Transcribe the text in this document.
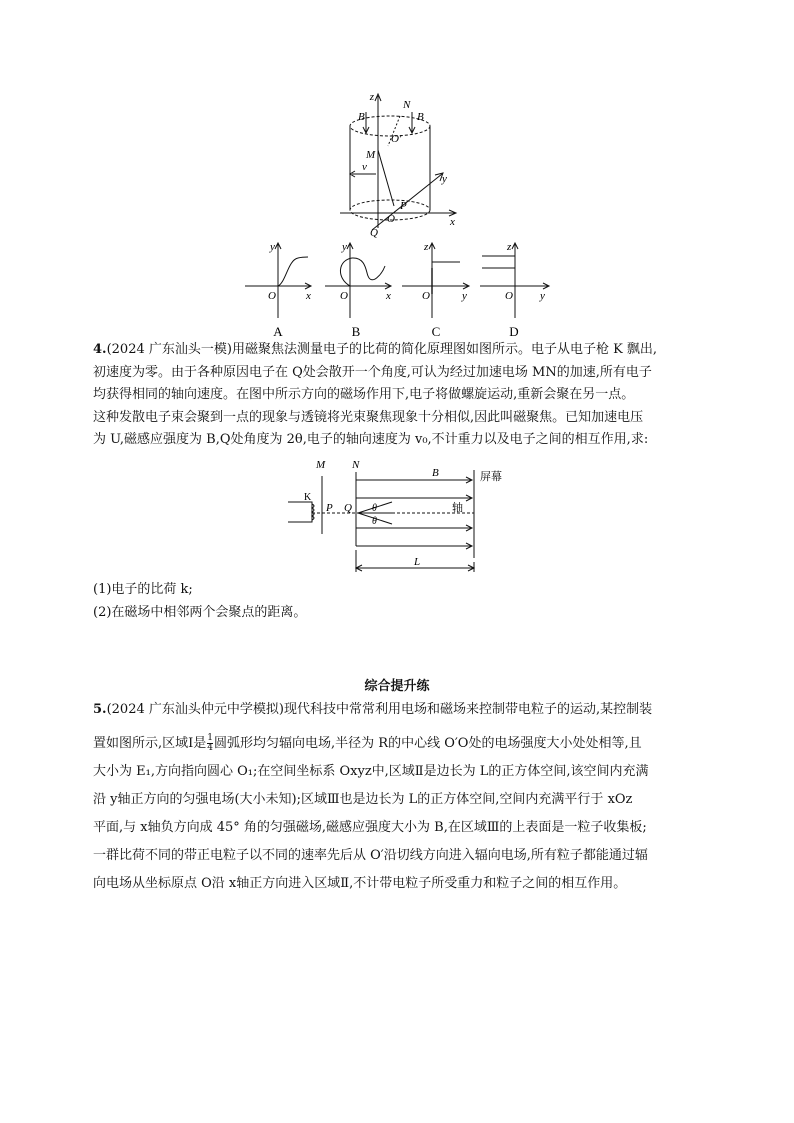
z
N
B	B
O′
M
v
y
P
O
Q
x
y
x
O
y
x
O
z
y
O
z
y
O
A	B	C	D

4.(2024 广东汕头一模)用磁聚焦法测量电子的比荷的简化原理图如图所示。电子从电子枪 K 飘出,

初速度为零。由于各种原因电子在 Q处会散开一个角度,可认为经过加速电场 MN的加速,所有电子

均获得相同的轴向速度。在图中所示方向的磁场作用下,电子将做螺旋运动,重新会聚在另一点。

这种发散电子束会聚到一点的现象与透镜将光束聚焦现象十分相似,因此叫磁聚焦。已知加速电压

为 U,磁感应强度为 B,Q处角度为 2θ,电子的轴向速度为 v₀,不计重力以及电子之间的相互作用,求:

M N
B	屏幕
K
P Q θ
θ
轴
L

(1)电子的比荷 k;

(2)在磁场中相邻两个会聚点的距离。

综合提升练

5.(2024 广东汕头仲元中学模拟)现代科技中常常利用电场和磁场来控制带电粒子的运动,某控制装

置如图所示,区域Ⅰ是 $\frac{1}{4}$ 圆弧形均匀辐向电场,半径为 R的中心线 O′O处的电场强度大小处处相等,且

大小为 E₁,方向指向圆心 O₁;在空间坐标系 Oxyz中,区域Ⅱ是边长为 L的正方体空间,该空间内充满

沿 y轴正方向的匀强电场(大小未知);区域Ⅲ也是边长为 L的正方体空间,空间内充满平行于 xOz

平面,与 x轴负方向成 45° 角的匀强磁场,磁感应强度大小为 B,在区域Ⅲ的上表面是一粒子收集板;

一群比荷不同的带正电粒子以不同的速率先后从 O′沿切线方向进入辐向电场,所有粒子都能通过辐

向电场从坐标原点 O沿 x轴正方向进入区域Ⅱ,不计带电粒子所受重力和粒子之间的相互作用。
